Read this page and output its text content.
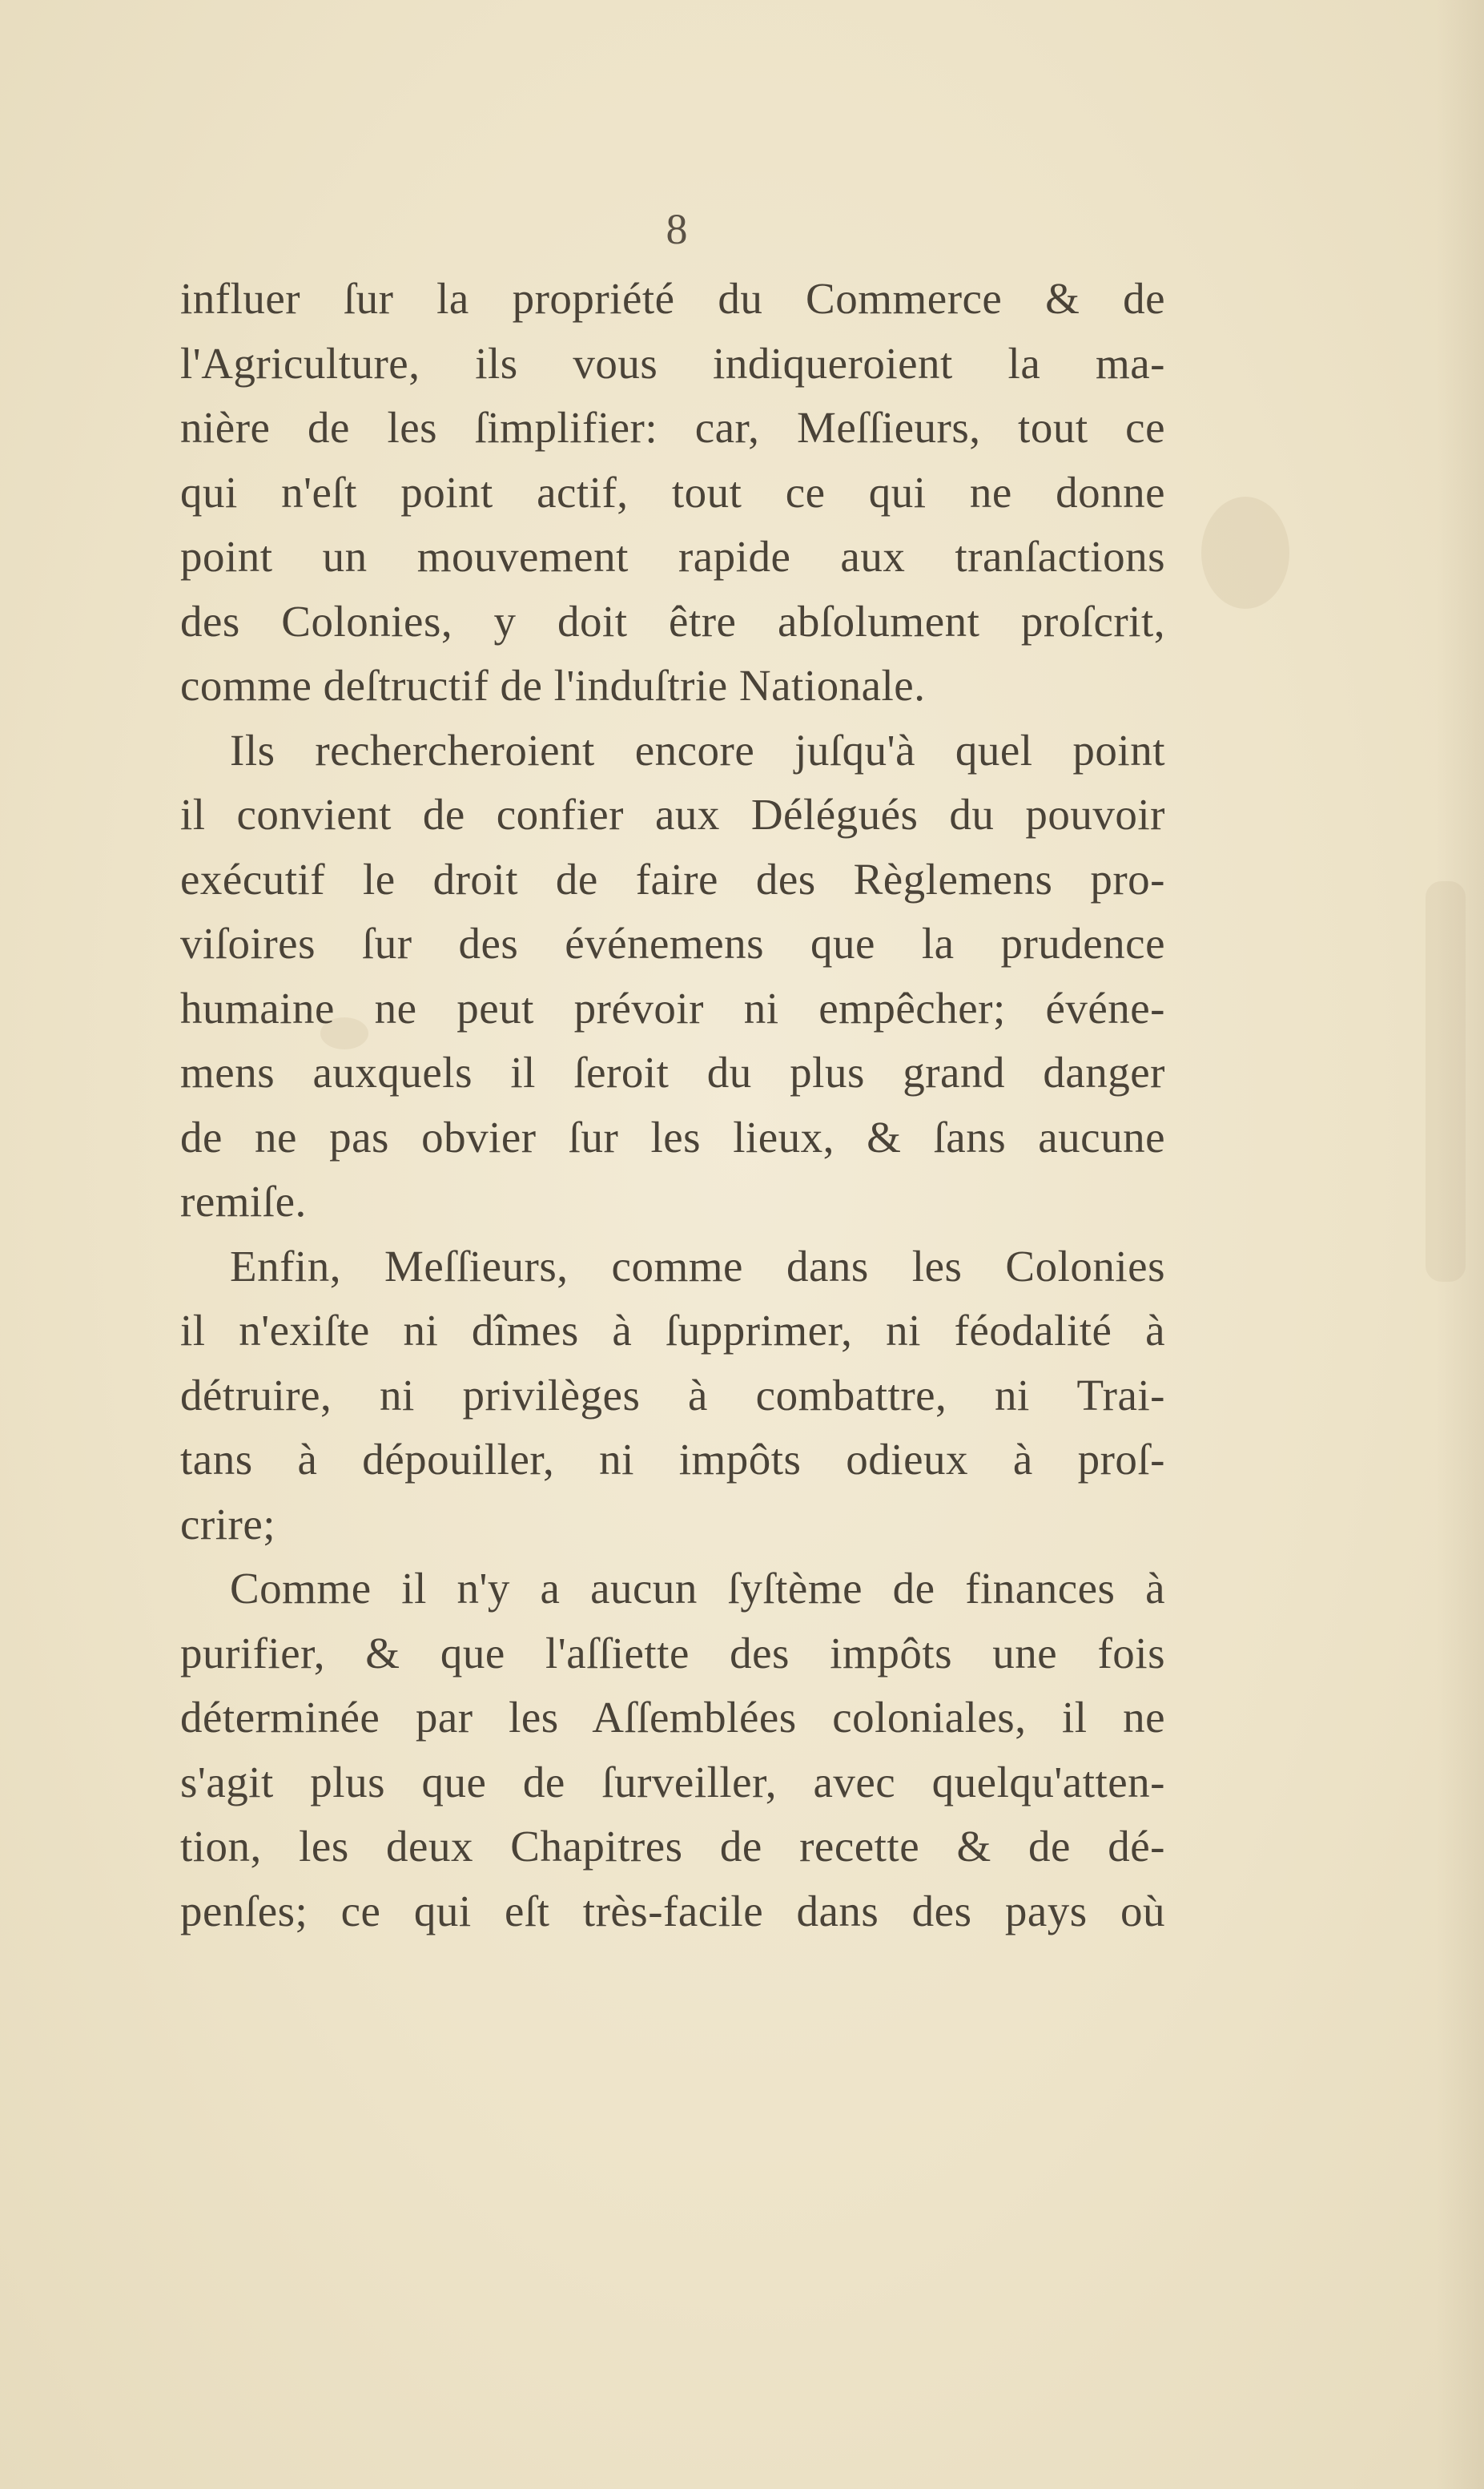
8
influer ſur la propriété du Commerce & de
l'Agriculture, ils vous indiqueroient la ma-
nière de les ſimplifier: car, Meſſieurs, tout ce
qui n'eſt point actif, tout ce qui ne donne
point un mouvement rapide aux tranſactions
des Colonies, y doit être abſolument proſcrit,
comme deſtructif de l'induſtrie Nationale.
Ils rechercheroient encore juſqu'à quel point
il convient de confier aux Délégués du pouvoir
exécutif le droit de faire des Règlemens pro-
viſoires ſur des événemens que la prudence
humaine ne peut prévoir ni empêcher; événe-
mens auxquels il ſeroit du plus grand danger
de ne pas obvier ſur les lieux, & ſans aucune
remiſe.
Enfin, Meſſieurs, comme dans les Colonies
il n'exiſte ni dîmes à ſupprimer, ni féodalité à
détruire, ni privilèges à combattre, ni Trai-
tans à dépouiller, ni impôts odieux à proſ-
crire;
Comme il n'y a aucun ſyſtème de finances à
purifier, & que l'aſſiette des impôts une fois
déterminée par les Aſſemblées coloniales, il ne
s'agit plus que de ſurveiller, avec quelqu'atten-
tion, les deux Chapitres de recette & de dé-
penſes; ce qui eſt très-facile dans des pays où
